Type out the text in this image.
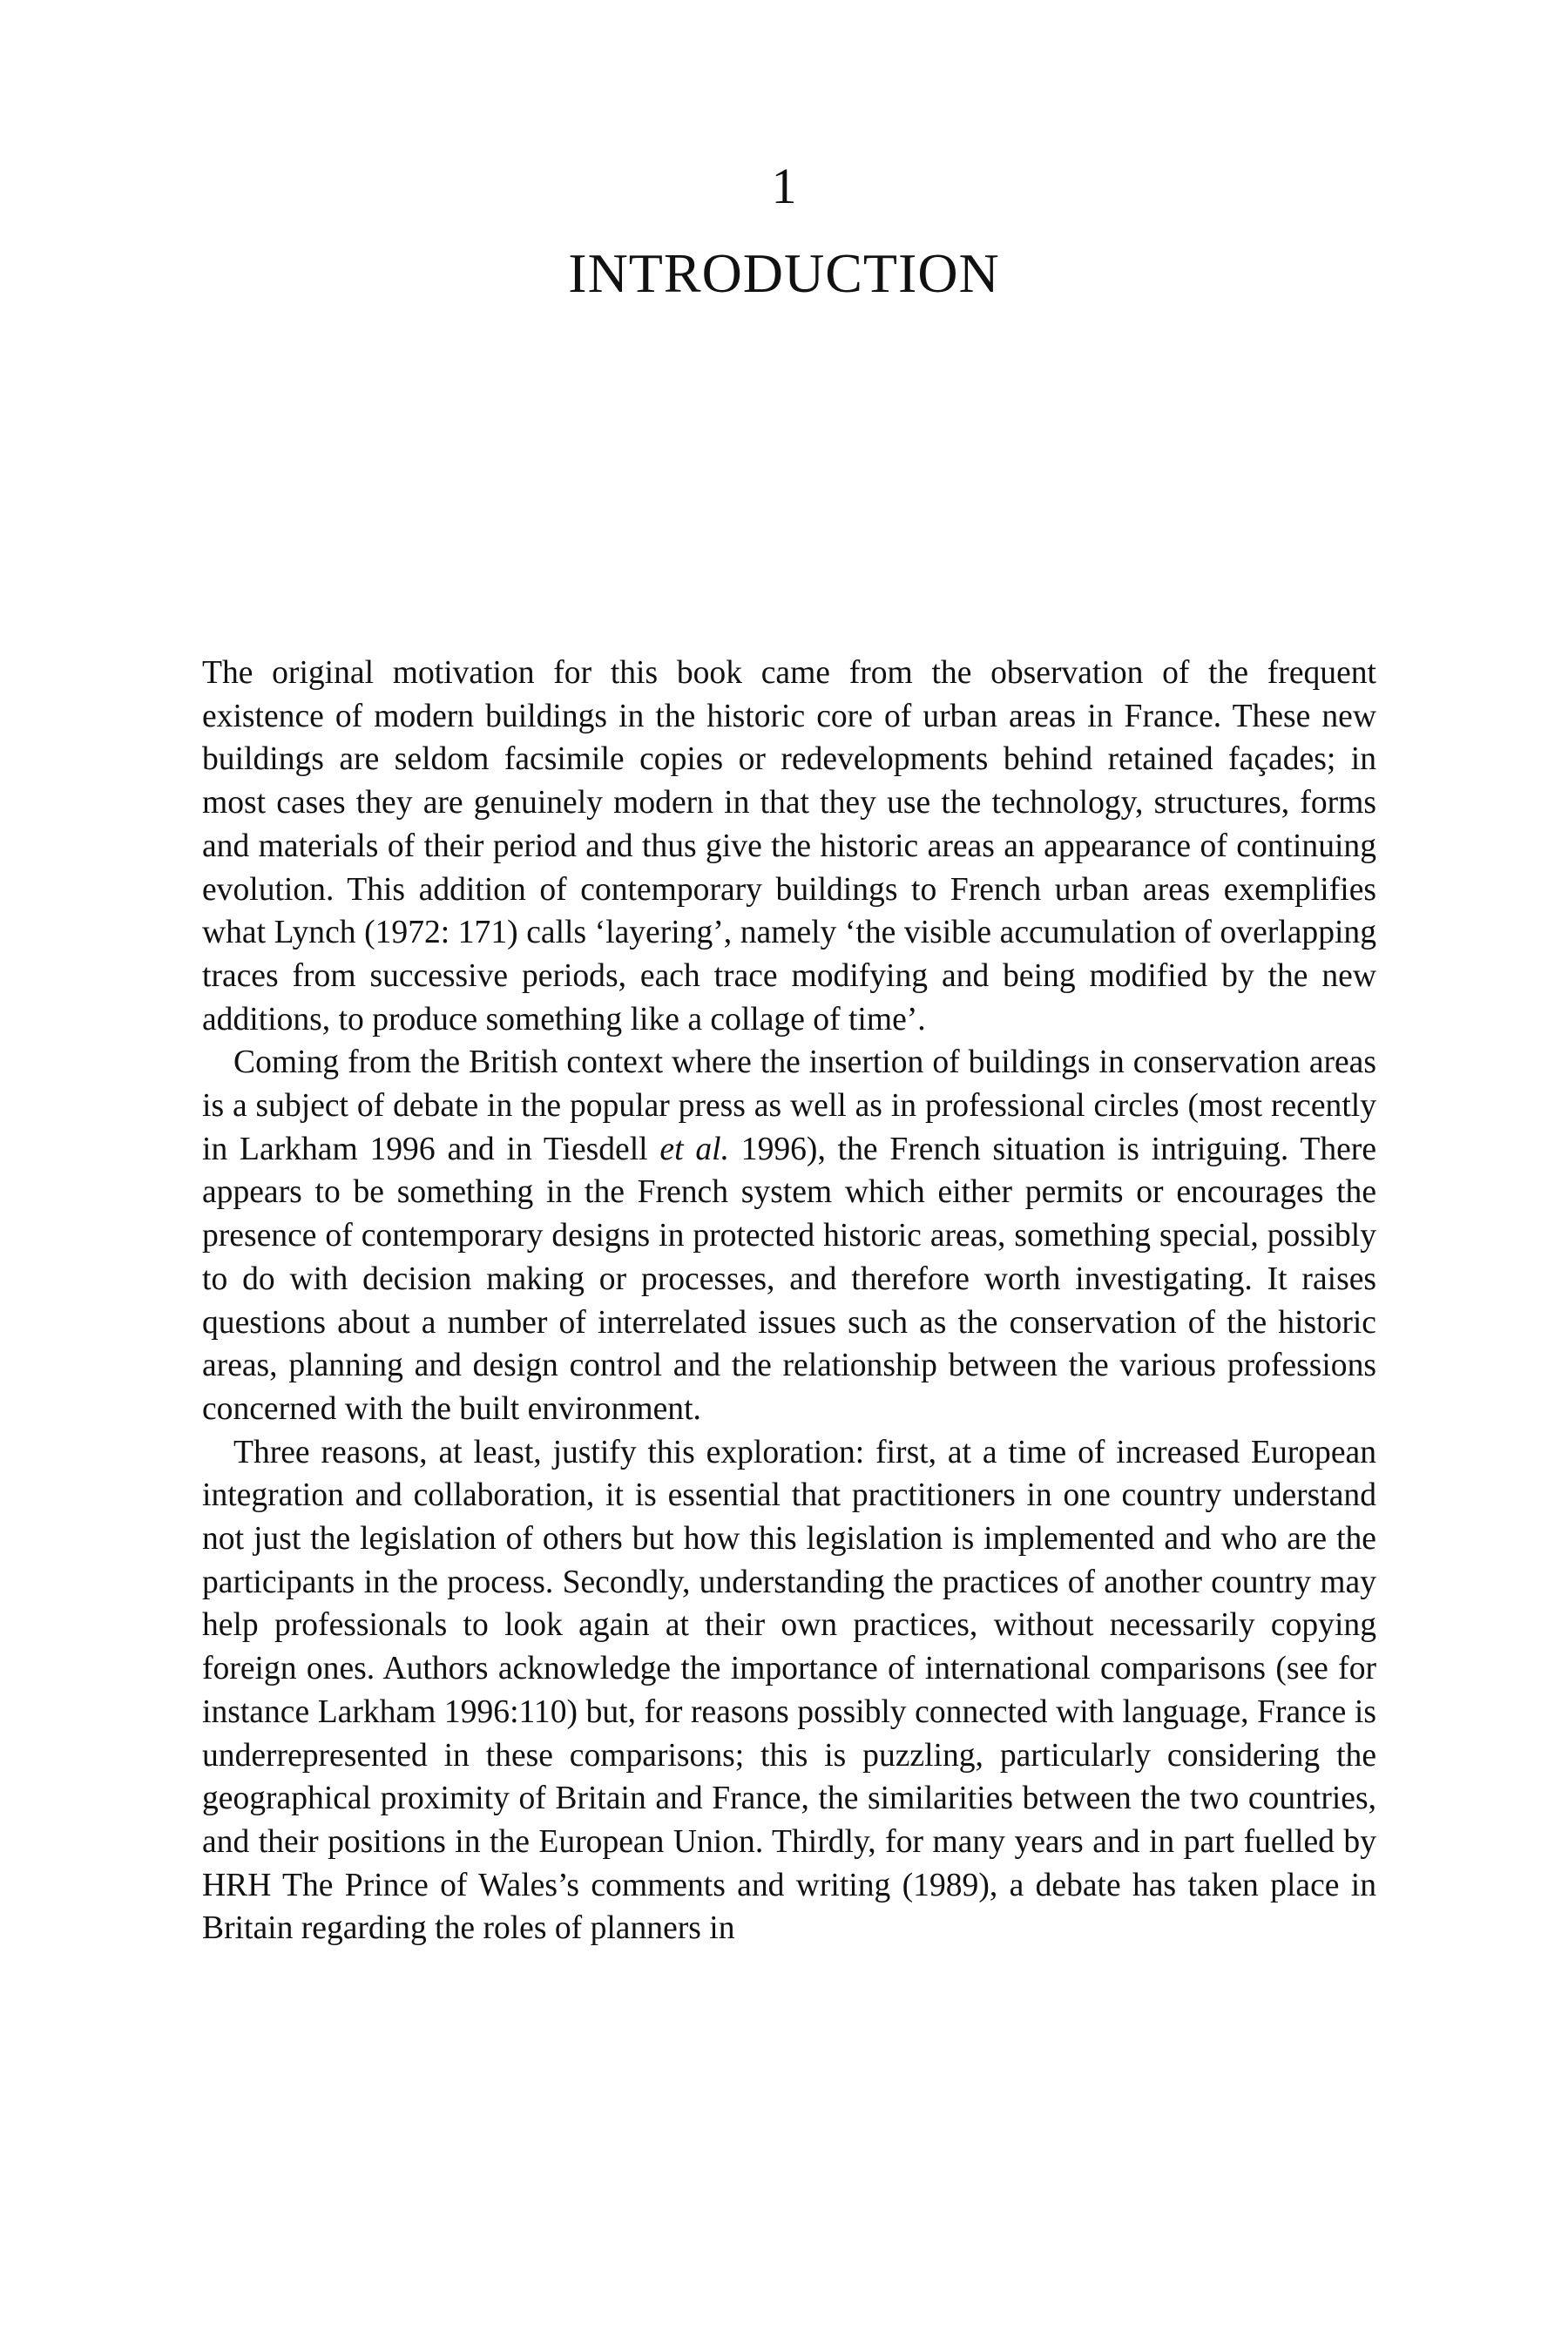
1
INTRODUCTION

The original motivation for this book came from the observation of the frequent existence of modern buildings in the historic core of urban areas in France. These new buildings are seldom facsimile copies or redevelopments behind retained façades; in most cases they are genuinely modern in that they use the technology, structures, forms and materials of their period and thus give the historic areas an appearance of continuing evolution. This addition of contemporary buildings to French urban areas exemplifies what Lynch (1972: 171) calls ‘layering’, namely ‘the visible accumulation of overlapping traces from successive periods, each trace modifying and being modified by the new additions, to produce something like a collage of time’.

Coming from the British context where the insertion of buildings in conservation areas is a subject of debate in the popular press as well as in professional circles (most recently in Larkham 1996 and in Tiesdell et al. 1996), the French situation is intriguing. There appears to be something in the French system which either permits or encourages the presence of contemporary designs in protected historic areas, something special, possibly to do with decision making or processes, and therefore worth investigating. It raises questions about a number of interrelated issues such as the conservation of the historic areas, planning and design control and the relationship between the various professions concerned with the built environment.

Three reasons, at least, justify this exploration: first, at a time of increased European integration and collaboration, it is essential that practitioners in one country understand not just the legislation of others but how this legislation is implemented and who are the participants in the process. Secondly, understanding the practices of another country may help professionals to look again at their own practices, without necessarily copying foreign ones. Authors acknowledge the importance of international comparisons (see for instance Larkham 1996:110) but, for reasons possibly connected with language, France is underrepresented in these comparisons; this is puzzling, particularly considering the geographical proximity of Britain and France, the similarities between the two countries, and their positions in the European Union. Thirdly, for many years and in part fuelled by HRH The Prince of Wales’s comments and writing (1989), a debate has taken place in Britain regarding the roles of planners in
